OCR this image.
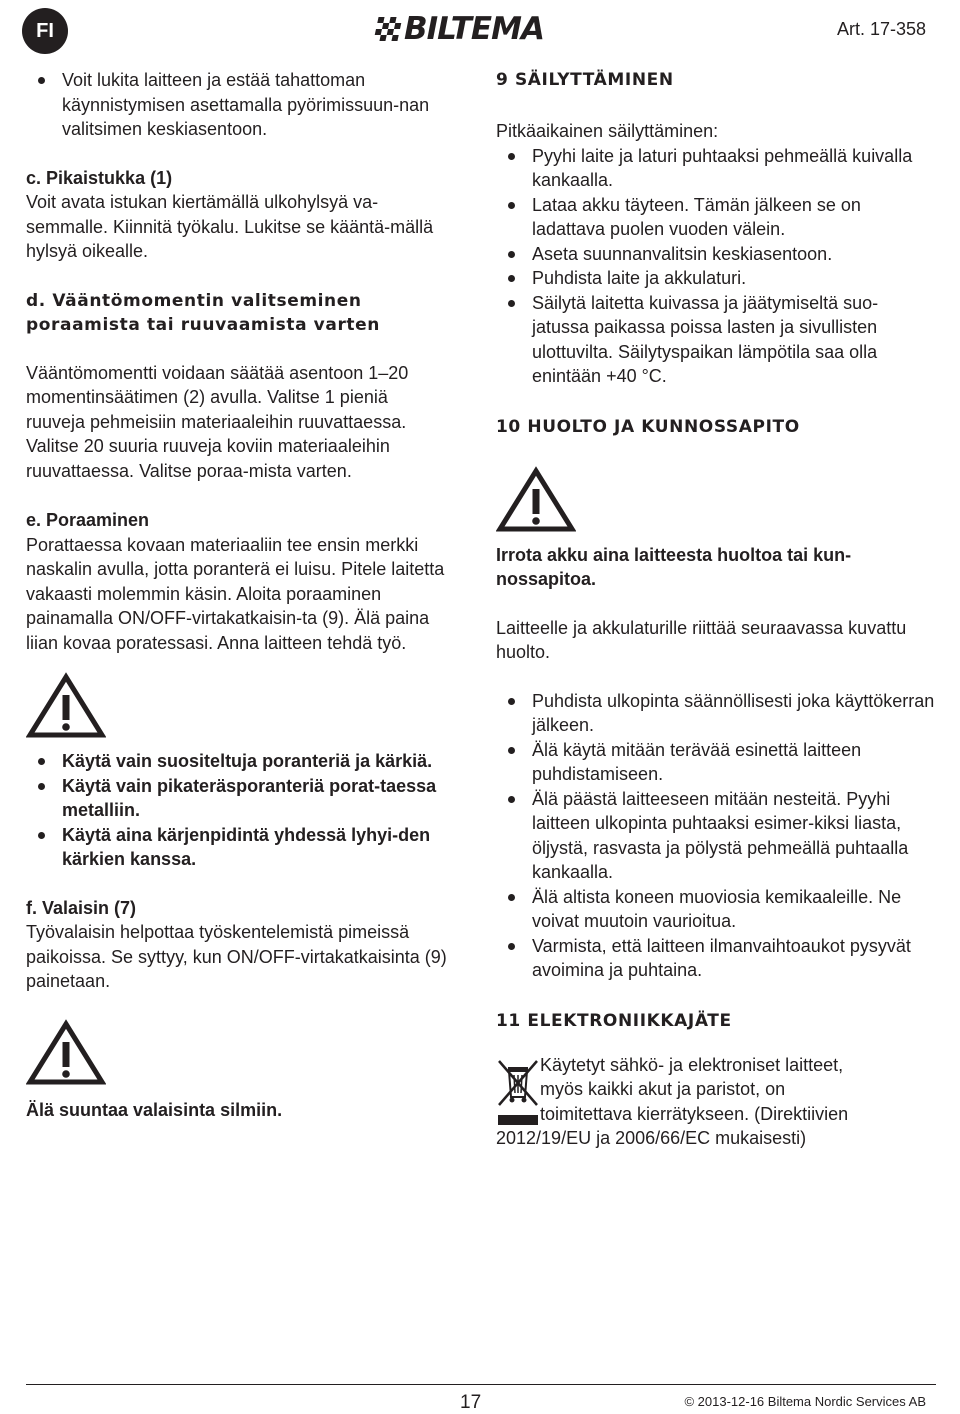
FI	BILTEMA	Art. 17-358
Voit lukita laitteen ja estää tahattoman käynnistymisen asettamalla pyörimissuun-nan valitsimen keskiasentoon.
c. Pikaistukka (1)
Voit avata istukan kiertämällä ulkohylsyä va-semmalle. Kiinnitä työkalu. Lukitse se kääntä-mällä hylsyä oikealle.
d. Vääntömomentin valitseminen
poraamista tai ruuvaamista varten
Vääntömomentti voidaan säätää asentoon 1–20 momentinsäätimen (2) avulla. Valitse 1 pieniä ruuveja pehmeisiin materiaaleihin ruuvattaessa. Valitse 20 suuria ruuveja koviin materiaaleihin ruuvattaessa. Valitse poraa-mista varten.
e. Poraaminen
Porattaessa kovaan materiaaliin tee ensin merkki naskalin avulla, jotta poranterä ei luisu. Pitele laitetta vakaasti molemmin käsin. Aloita poraaminen painamalla ON/OFF-virtakatkaisin-ta (9). Älä paina liian kovaa poratessasi. Anna laitteen tehdä työ.
Käytä vain suositeltuja poranteriä ja kärkiä.
Käytä vain pikateräsporanteriä porat-taessa metalliin.
Käytä aina kärjenpidintä yhdessä lyhyi-den kärkien kanssa.
f. Valaisin (7)
Työvalaisin helpottaa työskentelemistä pimeissä paikoissa. Se syttyy, kun ON/OFF-virtakatkaisinta (9) painetaan.
Älä suuntaa valaisinta silmiin.
9 SÄILYTTÄMINEN
Pitkäaikainen säilyttäminen:
Pyyhi laite ja laturi puhtaaksi pehmeällä kuivalla kankaalla.
Lataa akku täyteen. Tämän jälkeen se on ladattava puolen vuoden välein.
Aseta suunnanvalitsin keskiasentoon.
Puhdista laite ja akkulaturi.
Säilytä laitetta kuivassa ja jäätymiseltä suo-jatussa paikassa poissa lasten ja sivullisten ulottuvilta. Säilytyspaikan lämpötila saa olla enintään +40 °C.
10 HUOLTO JA KUNNOSSAPITO
Irrota akku aina laitteesta huoltoa tai kun-nossapitoa.
Laitteelle ja akkulaturille riittää seuraavassa kuvattu huolto.
Puhdista ulkopinta säännöllisesti joka käyttökerran jälkeen.
Älä käytä mitään terävää esinettä laitteen puhdistamiseen.
Älä päästä laitteeseen mitään nesteitä. Pyyhi laitteen ulkopinta puhtaaksi esimer-kiksi liasta, öljystä, rasvasta ja pölystä pehmeällä puhtaalla kankaalla.
Älä altista koneen muoviosia kemikaaleille. Ne voivat muutoin vaurioitua.
Varmista, että laitteen ilmanvaihtoaukot pysyvät avoimina ja puhtaina.
11 ELEKTRONIIKKAJÄTE
Käytetyt sähkö- ja elektroniset laitteet,
myös kaikki akut ja paristot, on
toimitettava kierrätykseen. (Direktiivien
2012/19/EU ja 2006/66/EC mukaisesti)
17	© 2013-12-16 Biltema Nordic Services AB
